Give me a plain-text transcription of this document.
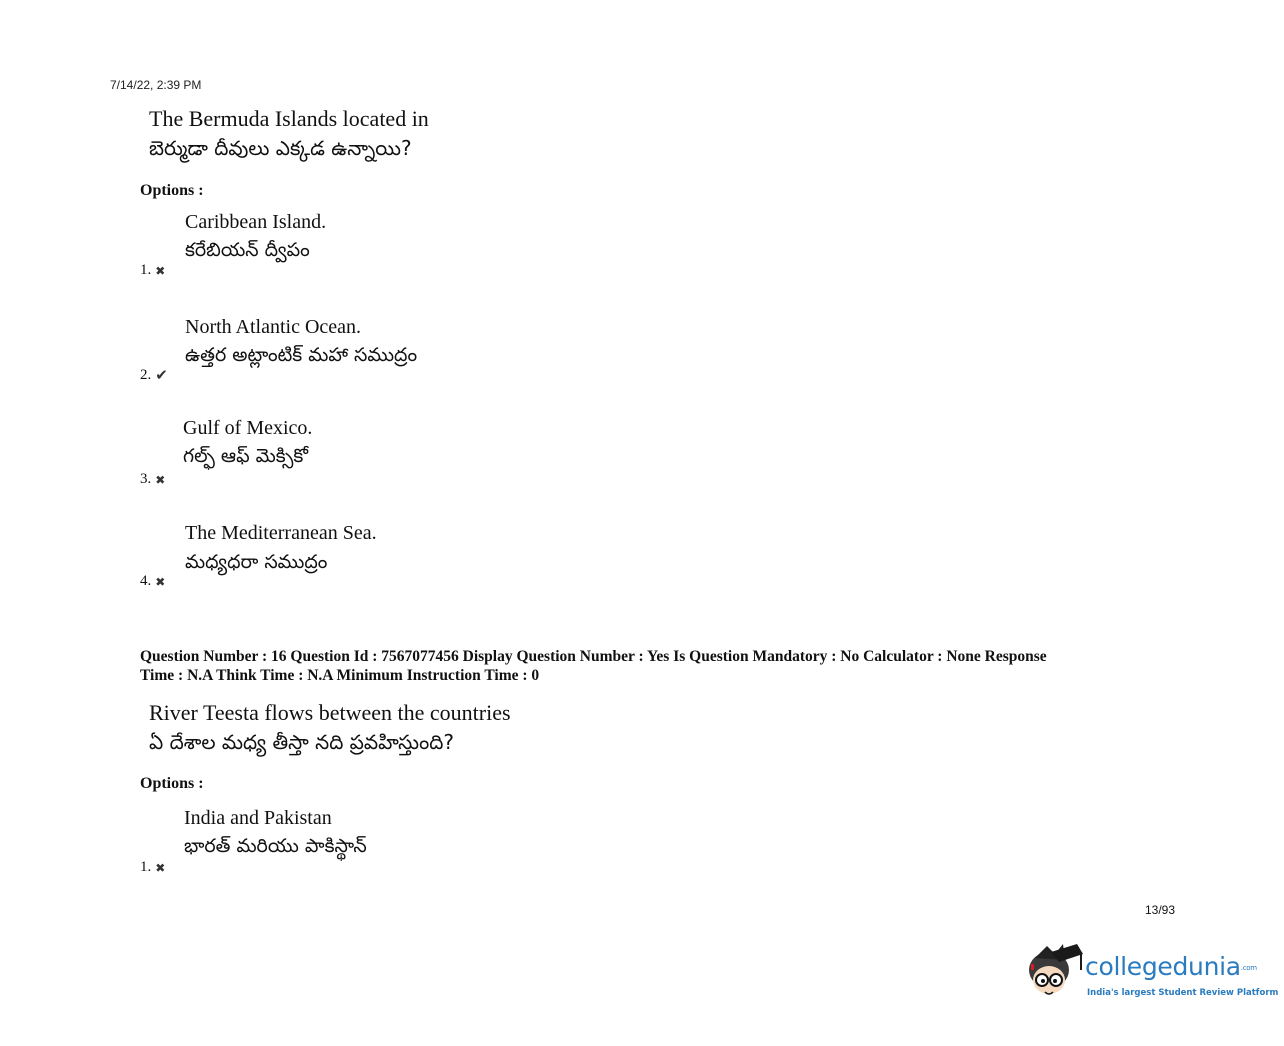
7/14/22, 2:39 PM
The Bermuda Islands located in
బెర్ముడా దీవులు ఎక్కడ ఉన్నాయి?
Options :
Caribbean Island.
కరేబియన్ ద్వీపం
1. ✖
North Atlantic Ocean.
ఉత్తర అట్లాంటిక్ మహా సముద్రం
2. ✔
Gulf of Mexico.
గల్ఫ్ ఆఫ్ మెక్సికో
3. ✖
The Mediterranean Sea.
మధ్యధరా సముద్రం
4. ✖
Question Number : 16 Question Id : 7567077456 Display Question Number : Yes Is Question Mandatory : No Calculator : None Response
Time : N.A Think Time : N.A Minimum Instruction Time : 0
River Teesta flows between the countries
ఏ దేశాల మధ్య తీస్తా నది ప్రవహిస్తుంది?
Options :
India and Pakistan
భారత్ మరియు పాకిస్థాన్
1. ✖
13/93
collegedunia.com
India's largest Student Review Platform
